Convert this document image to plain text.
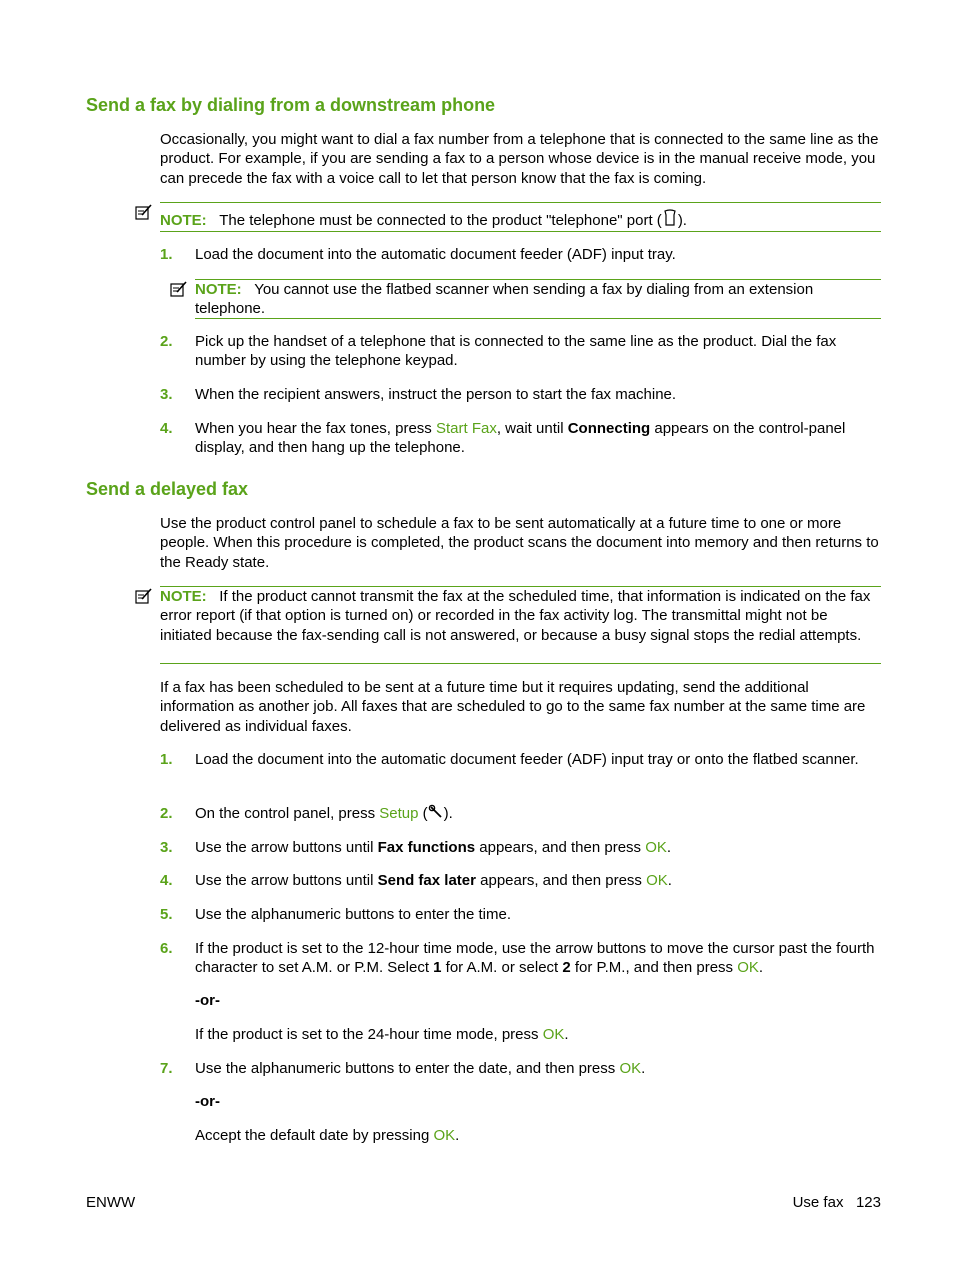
Send a fax by dialing from a downstream phone
Occasionally, you might want to dial a fax number from a telephone that is connected to the same line as the product. For example, if you are sending a fax to a person whose device is in the manual receive mode, you can precede the fax with a voice call to let that person know that the fax is coming.
NOTE: The telephone must be connected to the product "telephone" port ( ).
1. Load the document into the automatic document feeder (ADF) input tray.
NOTE: You cannot use the flatbed scanner when sending a fax by dialing from an extension telephone.
2. Pick up the handset of a telephone that is connected to the same line as the product. Dial the fax number by using the telephone keypad.
3. When the recipient answers, instruct the person to start the fax machine.
4. When you hear the fax tones, press Start Fax, wait until Connecting appears on the control-panel display, and then hang up the telephone.
Send a delayed fax
Use the product control panel to schedule a fax to be sent automatically at a future time to one or more people. When this procedure is completed, the product scans the document into memory and then returns to the Ready state.
NOTE: If the product cannot transmit the fax at the scheduled time, that information is indicated on the fax error report (if that option is turned on) or recorded in the fax activity log. The transmittal might not be initiated because the fax-sending call is not answered, or because a busy signal stops the redial attempts.
If a fax has been scheduled to be sent at a future time but it requires updating, send the additional information as another job. All faxes that are scheduled to go to the same fax number at the same time are delivered as individual faxes.
1. Load the document into the automatic document feeder (ADF) input tray or onto the flatbed scanner.
2. On the control panel, press Setup ( ).
3. Use the arrow buttons until Fax functions appears, and then press OK.
4. Use the arrow buttons until Send fax later appears, and then press OK.
5. Use the alphanumeric buttons to enter the time.
6. If the product is set to the 12-hour time mode, use the arrow buttons to move the cursor past the fourth character to set A.M. or P.M. Select 1 for A.M. or select 2 for P.M., and then press OK.
-or-
If the product is set to the 24-hour time mode, press OK.
7. Use the alphanumeric buttons to enter the date, and then press OK.
-or-
Accept the default date by pressing OK.
ENWW	Use fax 123
